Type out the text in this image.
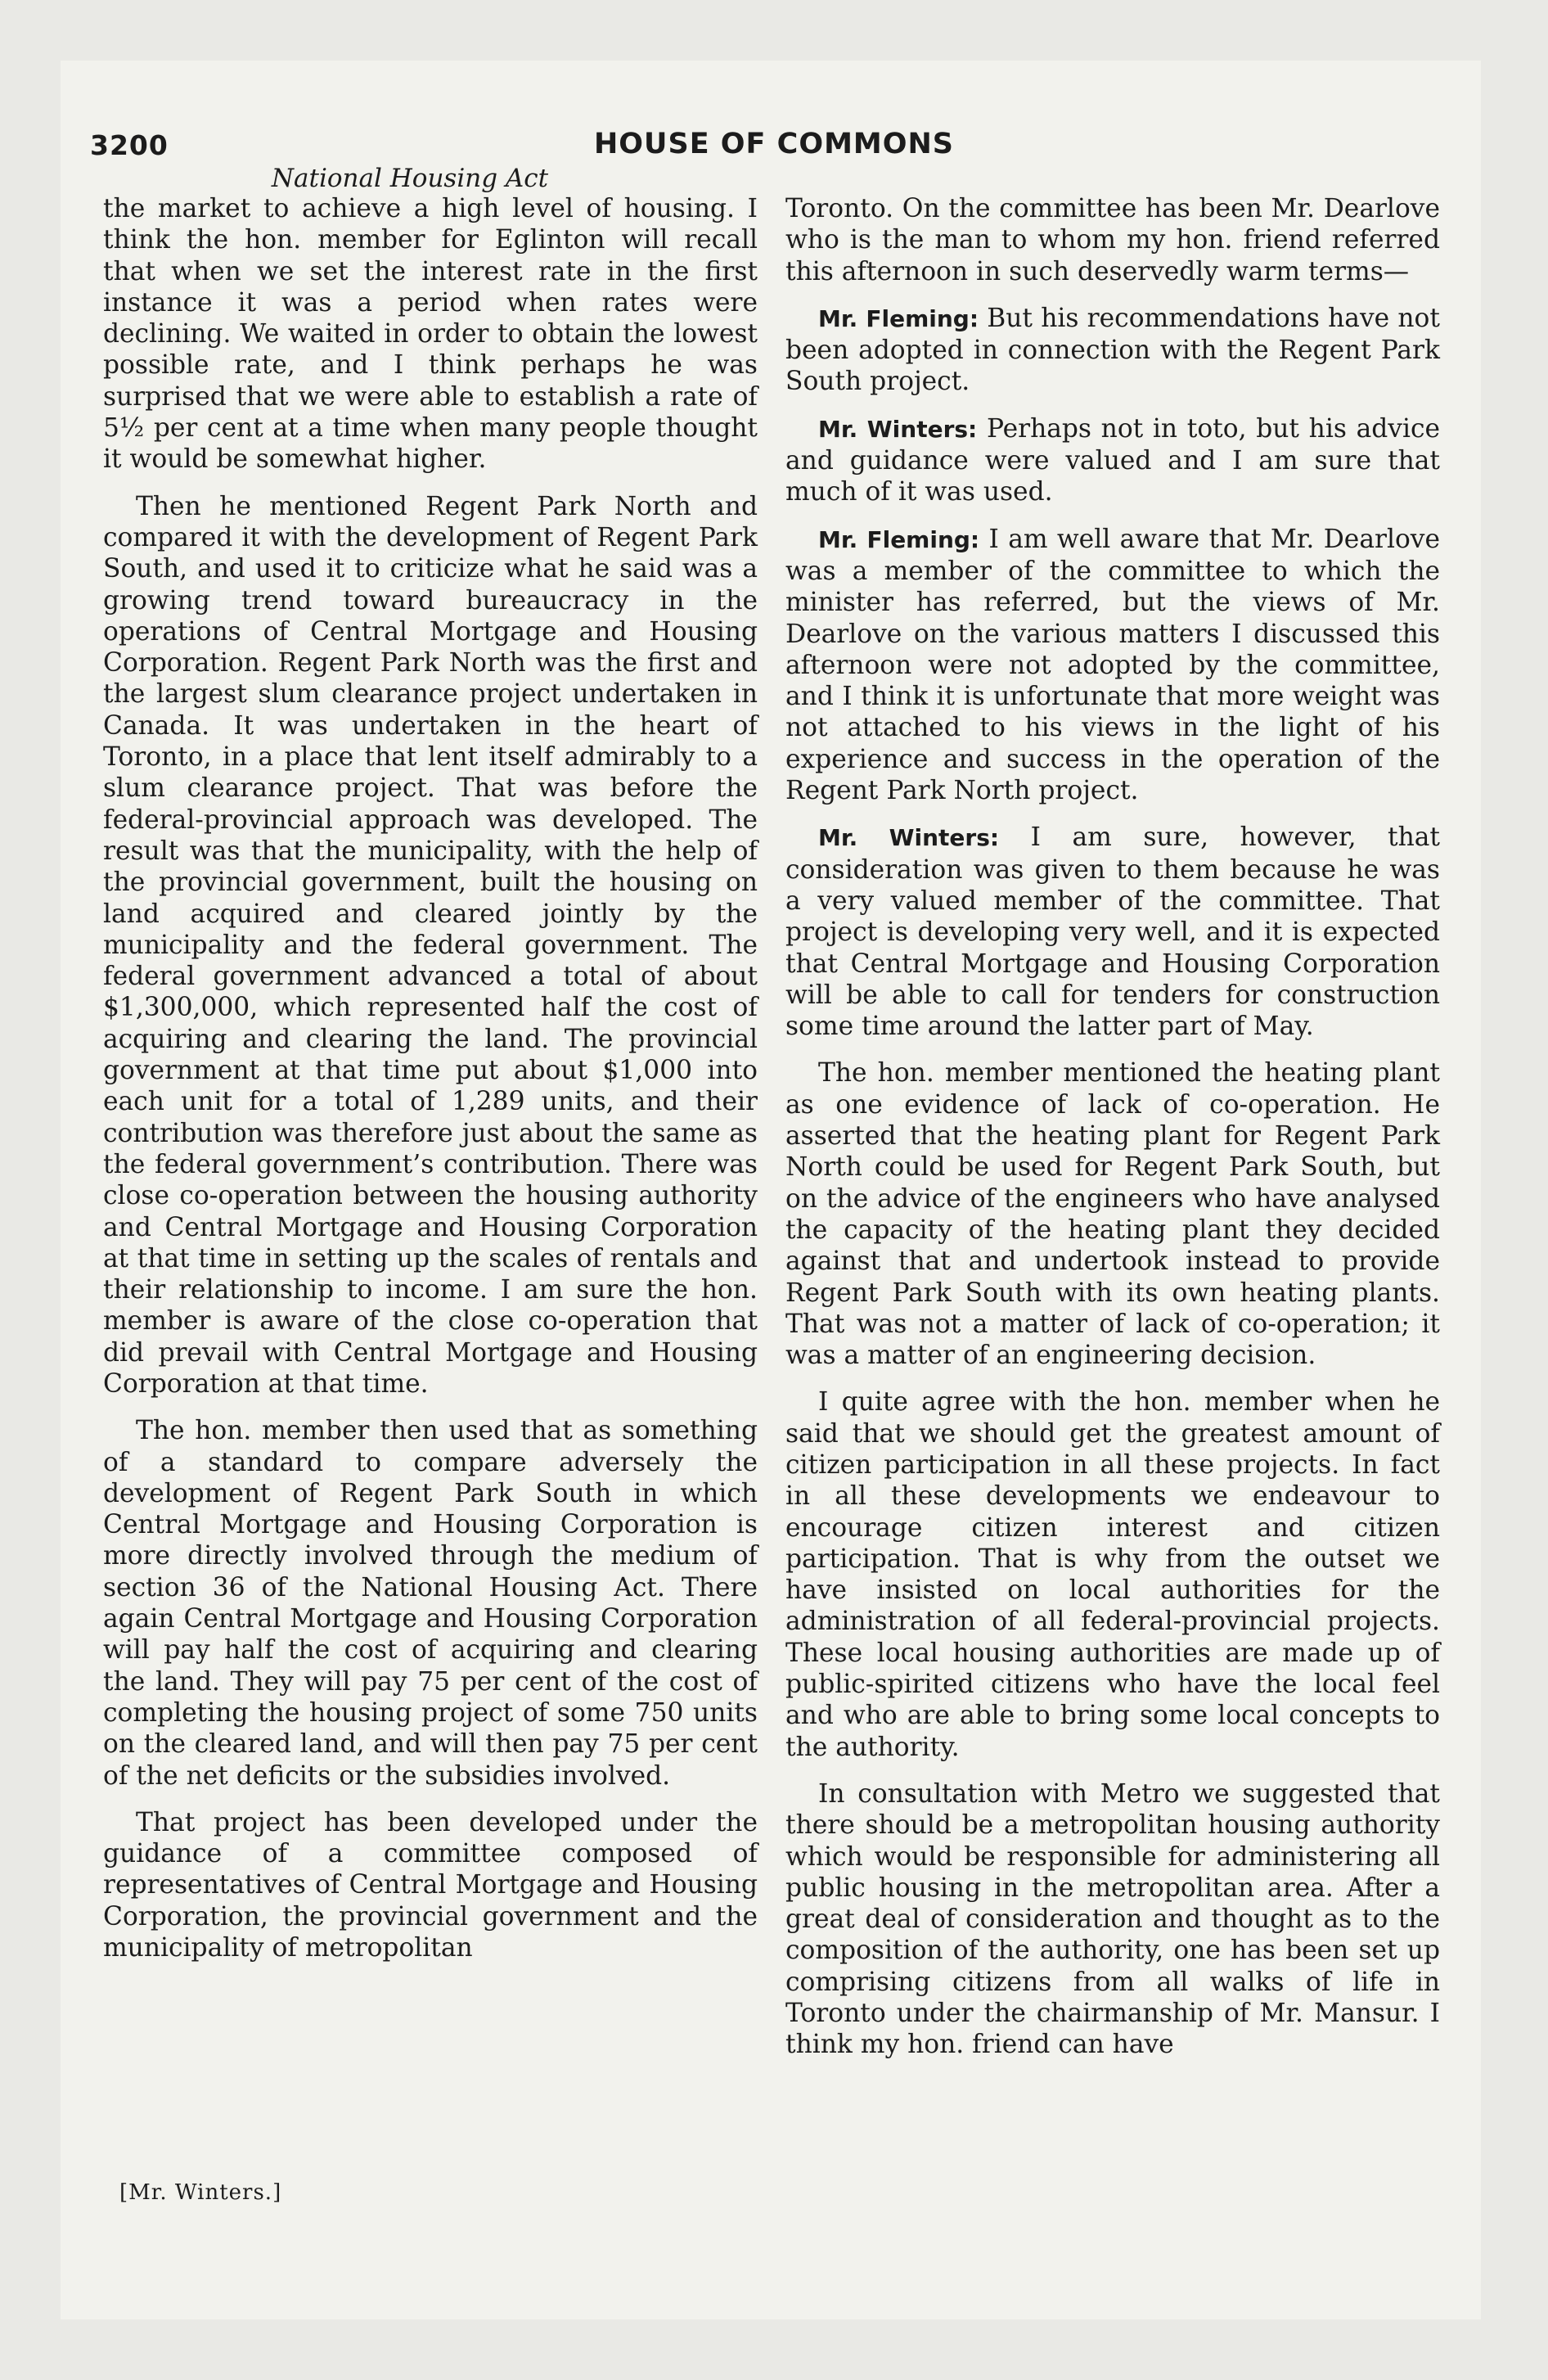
3200	HOUSE OF COMMONS
National Housing Act

the market to achieve a high level of housing. I think the hon. member for Eglinton will recall that when we set the interest rate in the first instance it was a period when rates were declining. We waited in order to obtain the lowest possible rate, and I think perhaps he was surprised that we were able to establish a rate of 5½ per cent at a time when many people thought it would be somewhat higher.

Then he mentioned Regent Park North and compared it with the development of Regent Park South, and used it to criticize what he said was a growing trend toward bureaucracy in the operations of Central Mortgage and Housing Corporation. Regent Park North was the first and the largest slum clearance project undertaken in Canada. It was undertaken in the heart of Toronto, in a place that lent itself admirably to a slum clearance project. That was before the federal-provincial approach was developed. The result was that the municipality, with the help of the provincial government, built the housing on land acquired and cleared jointly by the municipality and the federal government. The federal government advanced a total of about $1,300,000, which represented half the cost of acquiring and clearing the land. The provincial government at that time put about $1,000 into each unit for a total of 1,289 units, and their contribution was therefore just about the same as the federal government’s contribution. There was close co-operation between the housing authority and Central Mortgage and Housing Corporation at that time in setting up the scales of rentals and their relationship to income. I am sure the hon. member is aware of the close co-operation that did prevail with Central Mortgage and Housing Corporation at that time.

The hon. member then used that as something of a standard to compare adversely the development of Regent Park South in which Central Mortgage and Housing Corporation is more directly involved through the medium of section 36 of the National Housing Act. There again Central Mortgage and Housing Corporation will pay half the cost of acquiring and clearing the land. They will pay 75 per cent of the cost of completing the housing project of some 750 units on the cleared land, and will then pay 75 per cent of the net deficits or the subsidies involved.

That project has been developed under the guidance of a committee composed of representatives of Central Mortgage and Housing Corporation, the provincial government and the municipality of metropolitan

Toronto. On the committee has been Mr. Dearlove who is the man to whom my hon. friend referred this afternoon in such deservedly warm terms—

Mr. Fleming: But his recommendations have not been adopted in connection with the Regent Park South project.

Mr. Winters: Perhaps not in toto, but his advice and guidance were valued and I am sure that much of it was used.

Mr. Fleming: I am well aware that Mr. Dearlove was a member of the committee to which the minister has referred, but the views of Mr. Dearlove on the various matters I discussed this afternoon were not adopted by the committee, and I think it is unfortunate that more weight was not attached to his views in the light of his experience and success in the operation of the Regent Park North project.

Mr. Winters: I am sure, however, that consideration was given to them because he was a very valued member of the committee. That project is developing very well, and it is expected that Central Mortgage and Housing Corporation will be able to call for tenders for construction some time around the latter part of May.

The hon. member mentioned the heating plant as one evidence of lack of co-operation. He asserted that the heating plant for Regent Park North could be used for Regent Park South, but on the advice of the engineers who have analysed the capacity of the heating plant they decided against that and undertook instead to provide Regent Park South with its own heating plants. That was not a matter of lack of co-operation; it was a matter of an engineering decision.

I quite agree with the hon. member when he said that we should get the greatest amount of citizen participation in all these projects. In fact in all these developments we endeavour to encourage citizen interest and citizen participation. That is why from the outset we have insisted on local authorities for the administration of all federal-provincial projects. These local housing authorities are made up of public-spirited citizens who have the local feel and who are able to bring some local concepts to the authority.

In consultation with Metro we suggested that there should be a metropolitan housing authority which would be responsible for administering all public housing in the metropolitan area. After a great deal of consideration and thought as to the composition of the authority, one has been set up comprising citizens from all walks of life in Toronto under the chairmanship of Mr. Mansur. I think my hon. friend can have

[Mr. Winters.]
